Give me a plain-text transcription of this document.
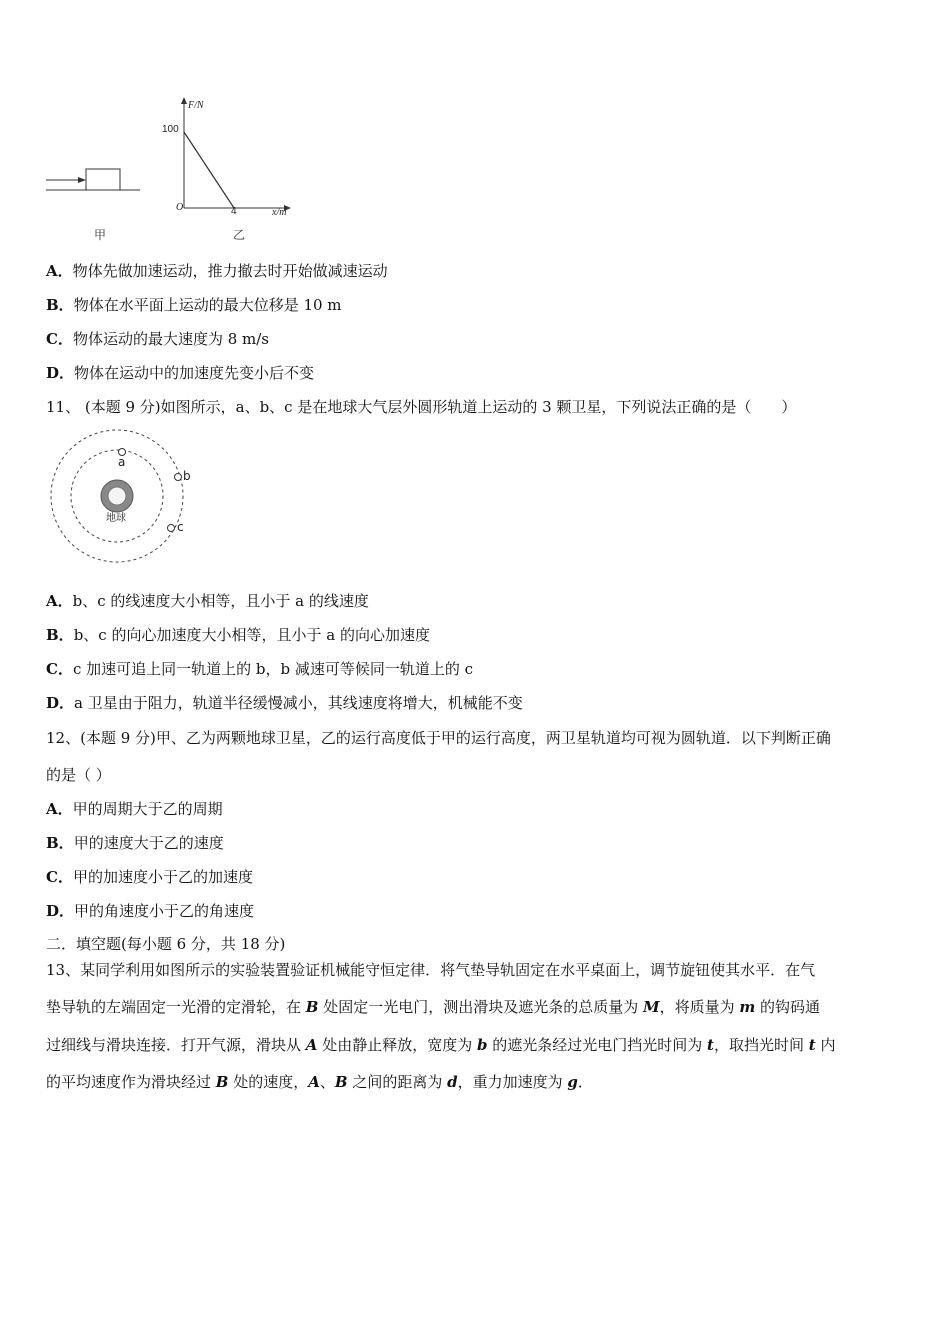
甲
F/N
100
O	4	x/m
乙
A．物体先做加速运动，推力撤去时开始做减速运动
B．物体在水平面上运动的最大位移是 10 m
C．物体运动的最大速度为 8 m/s
D．物体在运动中的加速度先变小后不变
11、 (本题 9 分)如图所示，a、b、c 是在地球大气层外圆形轨道上运动的 3 颗卫星，下列说法正确的是（　　）
地球
a
b
c
A．b、c 的线速度大小相等，且小于 a 的线速度
B．b、c 的向心加速度大小相等，且小于 a 的向心加速度
C．c 加速可追上同一轨道上的 b，b 减速可等候同一轨道上的 c
D．a 卫星由于阻力，轨道半径缓慢减小，其线速度将增大，机械能不变
12、(本题 9 分)甲、乙为两颗地球卫星，乙的运行高度低于甲的运行高度，两卫星轨道均可视为圆轨道．以下判断正确
的是（ ）
A．甲的周期大于乙的周期
B．甲的速度大于乙的速度
C．甲的加速度小于乙的加速度
D．甲的角速度小于乙的角速度
二．填空题(每小题 6 分，共 18 分)
13、某同学利用如图所示的实验装置验证机械能守恒定律．将气垫导轨固定在水平桌面上，调节旋钮使其水平．在气
垫导轨的左端固定一光滑的定滑轮，在 B 处固定一光电门，测出滑块及遮光条的总质量为 M，将质量为 m 的钩码通
过细线与滑块连接．打开气源，滑块从 A 处由静止释放，宽度为 b 的遮光条经过光电门挡光时间为 t，取挡光时间 t 内
的平均速度作为滑块经过 B 处的速度，A、B 之间的距离为 d，重力加速度为 g．
